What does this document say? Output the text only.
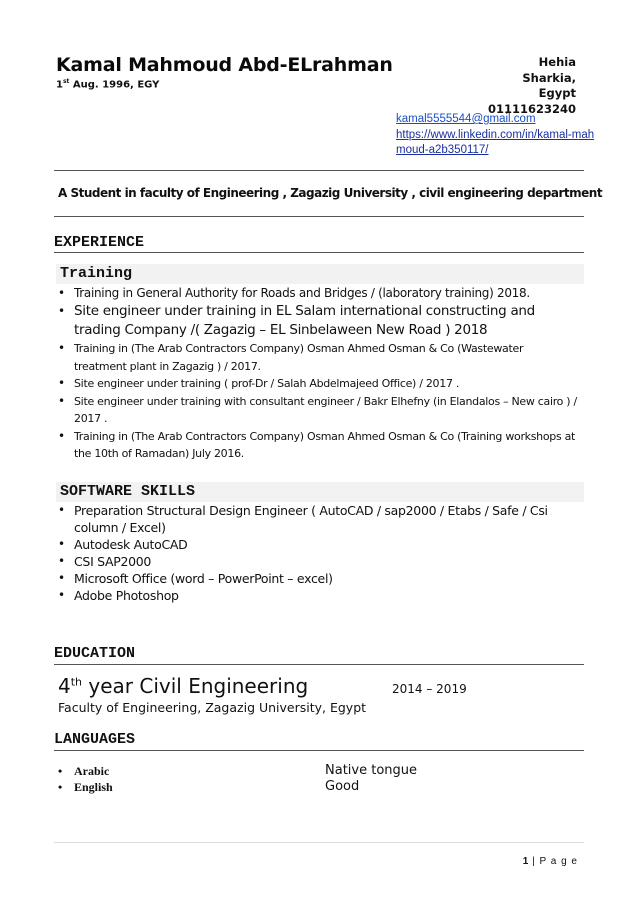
Kamal Mahmoud Abd-ELrahman
1st Aug. 1996, EGY
Hehia
Sharkia,
Egypt
01111623240
kamal5555544@gmail.com
https://www.linkedin.com/in/kamal-mahmoud-a2b350117/
A Student in faculty of Engineering , Zagazig University , civil engineering department
EXPERIENCE
Training
• Training in General Authority for Roads and Bridges / (laboratory training) 2018.
• Site engineer under training in EL Salam international constructing and trading Company /( Zagazig – EL Sinbelaween New Road ) 2018
• Training in (The Arab Contractors Company) Osman Ahmed Osman & Co (Wastewater treatment plant in Zagazig ) / 2017.
• Site engineer under training ( prof-Dr / Salah Abdelmajeed Office) / 2017 .
• Site engineer under training with consultant engineer / Bakr Elhefny (in Elandalos – New cairo ) / 2017 .
• Training in (The Arab Contractors Company) Osman Ahmed Osman & Co (Training workshops at the 10th of Ramadan) July 2016.
SOFTWARE SKILLS
• Preparation Structural Design Engineer ( AutoCAD / sap2000 / Etabs / Safe / Csi column / Excel)
• Autodesk AutoCAD
• CSI SAP2000
• Microsoft Office (word – PowerPoint – excel)
• Adobe Photoshop
EDUCATION
4th year Civil Engineering	2014 – 2019
Faculty of Engineering, Zagazig University, Egypt
LANGUAGES
• Arabic	Native tongue
• English	Good
1 | P a g e
